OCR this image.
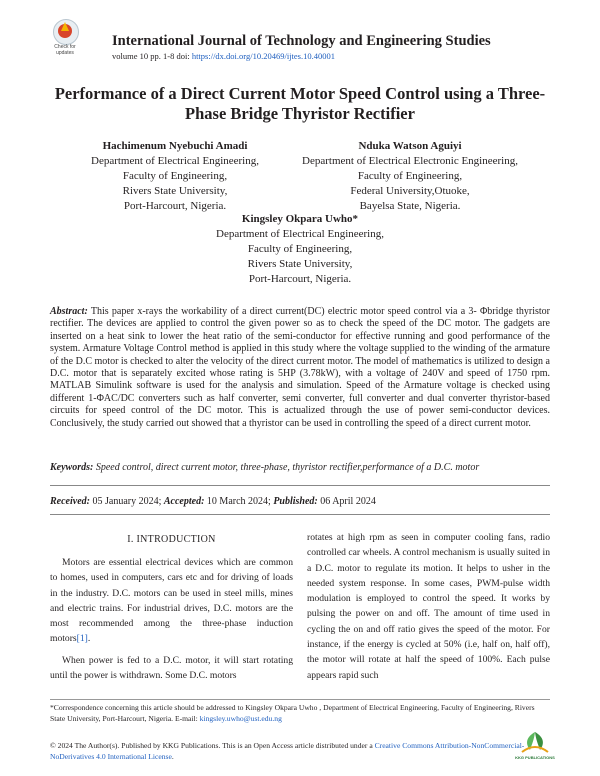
Check for updates
International Journal of Technology and Engineering Studies
volume 10 pp. 1-8 doi: https://dx.doi.org/10.20469/ijtes.10.40001
Performance of a Direct Current Motor Speed Control using a Three-Phase Bridge Thyristor Rectifier
Hachimenum Nyebuchi Amadi
Department of Electrical Engineering,
Faculty of Engineering,
Rivers State University,
Port-Harcourt, Nigeria.
Nduka Watson Aguiyi
Department of Electrical Electronic Engineering,
Faculty of Engineering,
Federal University,Otuoke,
Bayelsa State, Nigeria.
Kingsley Okpara Uwho*
Department of Electrical Engineering,
Faculty of Engineering,
Rivers State University,
Port-Harcourt, Nigeria.
Abstract: This paper x-rays the workability of a direct current(DC) electric motor speed control via a 3- Φbridge thyristor rectifier. The devices are applied to control the given power so as to check the speed of the DC motor. The gadgets are inserted on a heat sink to lower the heat ratio of the semi-conductor for effective running and good performance of the system. Armature Voltage Control method is applied in this study where the voltage supplied to the winding of the armature of the D.C motor is checked to alter the velocity of the direct current motor. The model of mathematics is utilized to design a D.C. motor that is separately excited whose rating is 5HP (3.78kW), with a voltage of 240V and speed of 1750 rpm. MATLAB Simulink software is used for the analysis and simulation. Speed of the Armature voltage is checked using different 1-ΦAC/DC converters such as half converter, semi converter, full converter and dual converter thyristor-based circuits for speed control of the DC motor. This is actualized through the use of power semi-conductor devices. Conclusively, the study carried out showed that a thyristor can be used in controlling the speed of a direct current motor.
Keywords: Speed control, direct current motor, three-phase, thyristor rectifier,performance of a D.C. motor
Received: 05 January 2024; Accepted: 10 March 2024; Published: 06 April 2024
I. INTRODUCTION

Motors are essential electrical devices which are common to homes, used in computers, cars etc and for driving of loads in the industry. D.C. motors can be used in steel mills, mines and electric trains. For industrial drives, D.C. motors are the most recommended among the three-phase induction motors[1].

When power is fed to a D.C. motor, it will start rotating until the power is withdrawn. Some D.C. motors

rotates at high rpm as seen in computer cooling fans, radio controlled car wheels. A control mechanism is usually suited in a D.C. motor to regulate its motion. It helps to usher in the needed system response. In some cases, PWM-pulse width modulation is employed to control the speed. It works by pulsing the power on and off. The amount of time used in cycling the on and off ratio gives the speed of the motor. For instance, if the energy is cycled at 50% (i.e, half on, half off), the motor will rotate at half the speed of 100%. Each pulse appears rapid such

*Correspondence concerning this article should be addressed to Kingsley Okpara Uwho , Department of Electrical Engineering, Faculty of Engineering, Rivers State University, Port-Harcourt, Nigeria. E-mail: kingsley.uwho@ust.edu.ng
© 2024 The Author(s). Published by KKG Publications. This is an Open Access article distributed under a Creative Commons Attribution-NonCommercial-NoDerivatives 4.0 International License.	KKG PUBLICATIONS
